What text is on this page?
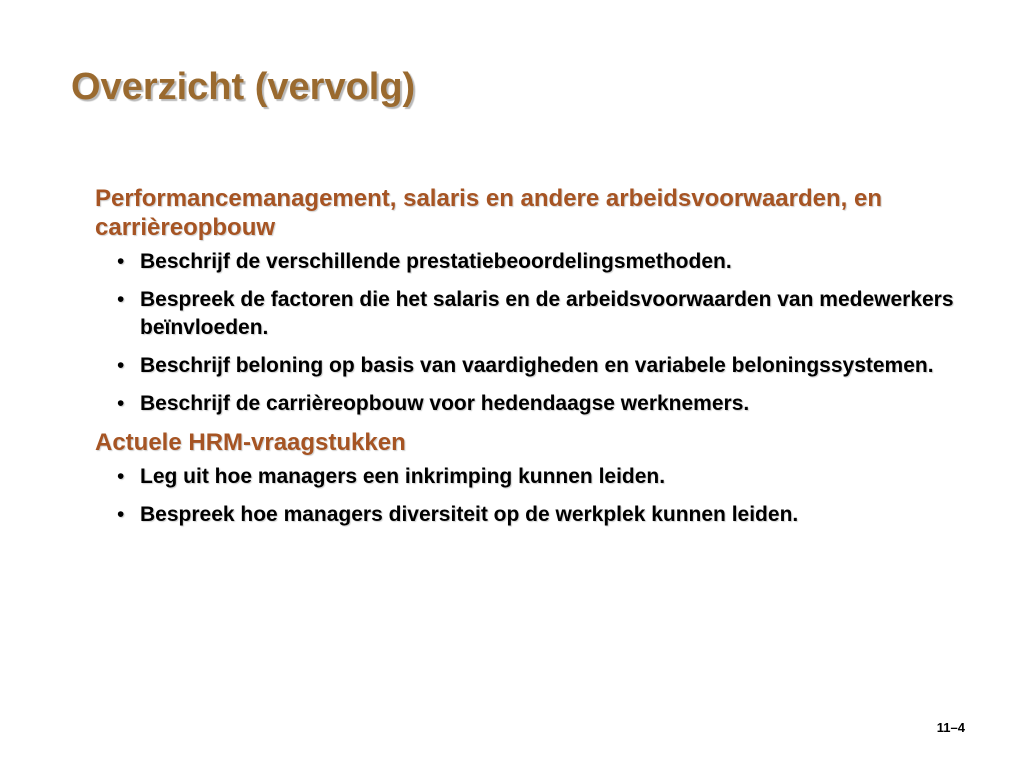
Overzicht (vervolg)
Performancemanagement, salaris en andere arbeidsvoorwaarden, en carrièreopbouw
• Beschrijf de verschillende prestatiebeoordelingsmethoden.
• Bespreek de factoren die het salaris en de arbeidsvoorwaarden van medewerkers beïnvloeden.
• Beschrijf beloning op basis van vaardigheden en variabele beloningssystemen.
• Beschrijf de carrièreopbouw voor hedendaagse werknemers.
Actuele HRM-vraagstukken
• Leg uit hoe managers een inkrimping kunnen leiden.
• Bespreek hoe managers diversiteit op de werkplek kunnen leiden.
11–4
